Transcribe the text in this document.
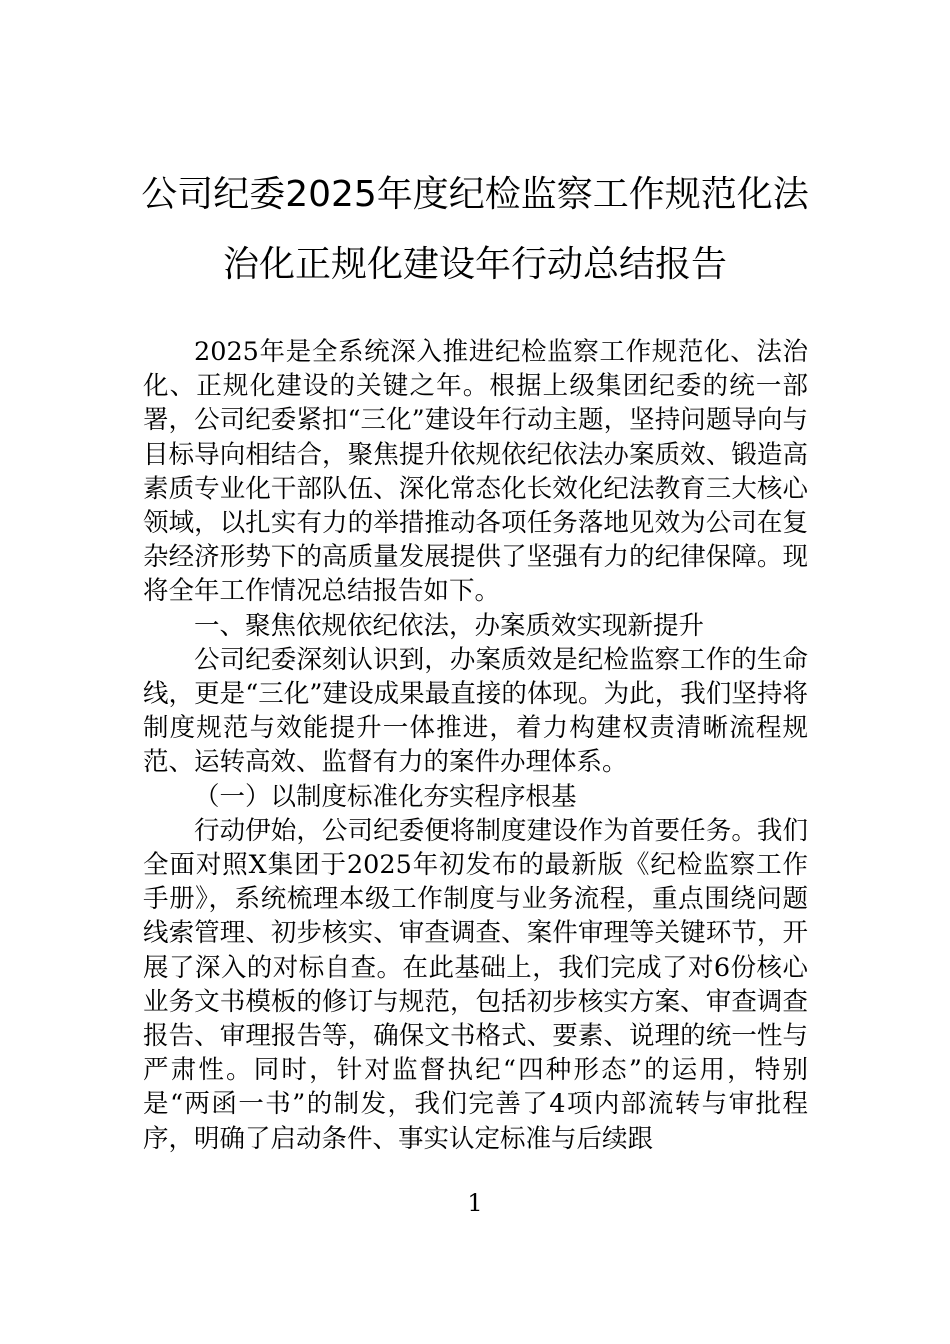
公司纪委2025年度纪检监察工作规范化法
治化正规化建设年行动总结报告

2025年是全系统深入推进纪检监察工作规范化、法治化、正规化建设的关键之年。根据上级集团纪委的统一部署，公司纪委紧扣“三化”建设年行动主题，坚持问题导向与目标导向相结合，聚焦提升依规依纪依法办案质效、锻造高素质专业化干部队伍、深化常态化长效化纪法教育三大核心领域，以扎实有力的举措推动各项任务落地见效为公司在复杂经济形势下的高质量发展提供了坚强有力的纪律保障。现将全年工作情况总结报告如下。

一、聚焦依规依纪依法，办案质效实现新提升

公司纪委深刻认识到，办案质效是纪检监察工作的生命线，更是“三化”建设成果最直接的体现。为此，我们坚持将制度规范与效能提升一体推进，着力构建权责清晰流程规范、运转高效、监督有力的案件办理体系。

（一）以制度标准化夯实程序根基

行动伊始，公司纪委便将制度建设作为首要任务。我们全面对照X集团于2025年初发布的最新版《纪检监察工作手册》，系统梳理本级工作制度与业务流程，重点围绕问题线索管理、初步核实、审查调查、案件审理等关键环节，开展了深入的对标自查。在此基础上，我们完成了对6份核心业务文书模板的修订与规范，包括初步核实方案、审查调查报告、审理报告等，确保文书格式、要素、说理的统一性与严肃性。同时，针对监督执纪“四种形态”的运用，特别是“两函一书”的制发，我们完善了4项内部流转与审批程序，明确了启动条件、事实认定标准与后续跟

1
